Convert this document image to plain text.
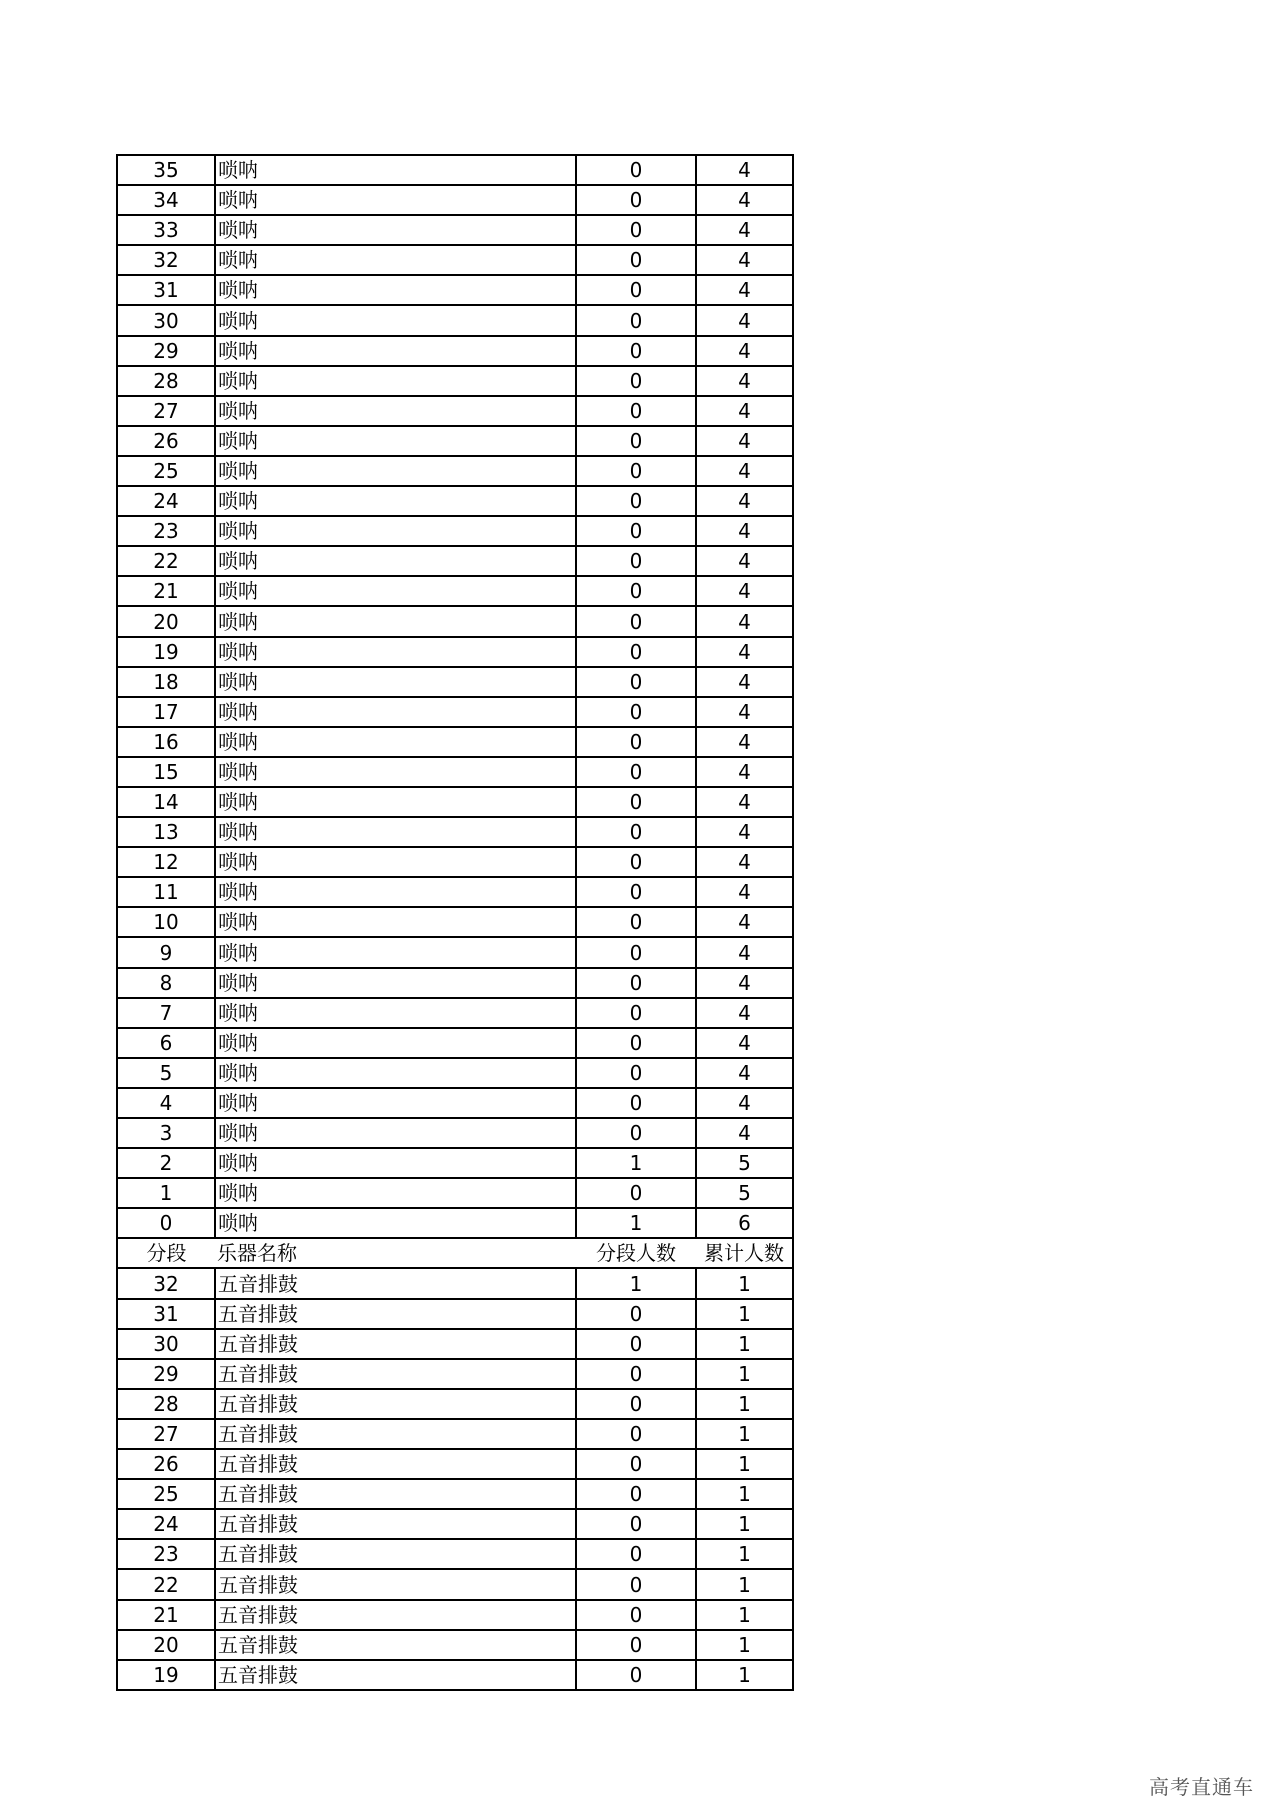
35	唢呐	0	4
34	唢呐	0	4
33	唢呐	0	4
32	唢呐	0	4
31	唢呐	0	4
30	唢呐	0	4
29	唢呐	0	4
28	唢呐	0	4
27	唢呐	0	4
26	唢呐	0	4
25	唢呐	0	4
24	唢呐	0	4
23	唢呐	0	4
22	唢呐	0	4
21	唢呐	0	4
20	唢呐	0	4
19	唢呐	0	4
18	唢呐	0	4
17	唢呐	0	4
16	唢呐	0	4
15	唢呐	0	4
14	唢呐	0	4
13	唢呐	0	4
12	唢呐	0	4
11	唢呐	0	4
10	唢呐	0	4
9	唢呐	0	4
8	唢呐	0	4
7	唢呐	0	4
6	唢呐	0	4
5	唢呐	0	4
4	唢呐	0	4
3	唢呐	0	4
2	唢呐	1	5
1	唢呐	0	5
0	唢呐	1	6
分段	乐器名称	分段人数	累计人数
32	五音排鼓	1	1
31	五音排鼓	0	1
30	五音排鼓	0	1
29	五音排鼓	0	1
28	五音排鼓	0	1
27	五音排鼓	0	1
26	五音排鼓	0	1
25	五音排鼓	0	1
24	五音排鼓	0	1
23	五音排鼓	0	1
22	五音排鼓	0	1
21	五音排鼓	0	1
20	五音排鼓	0	1
19	五音排鼓	0	1
高考直通车
